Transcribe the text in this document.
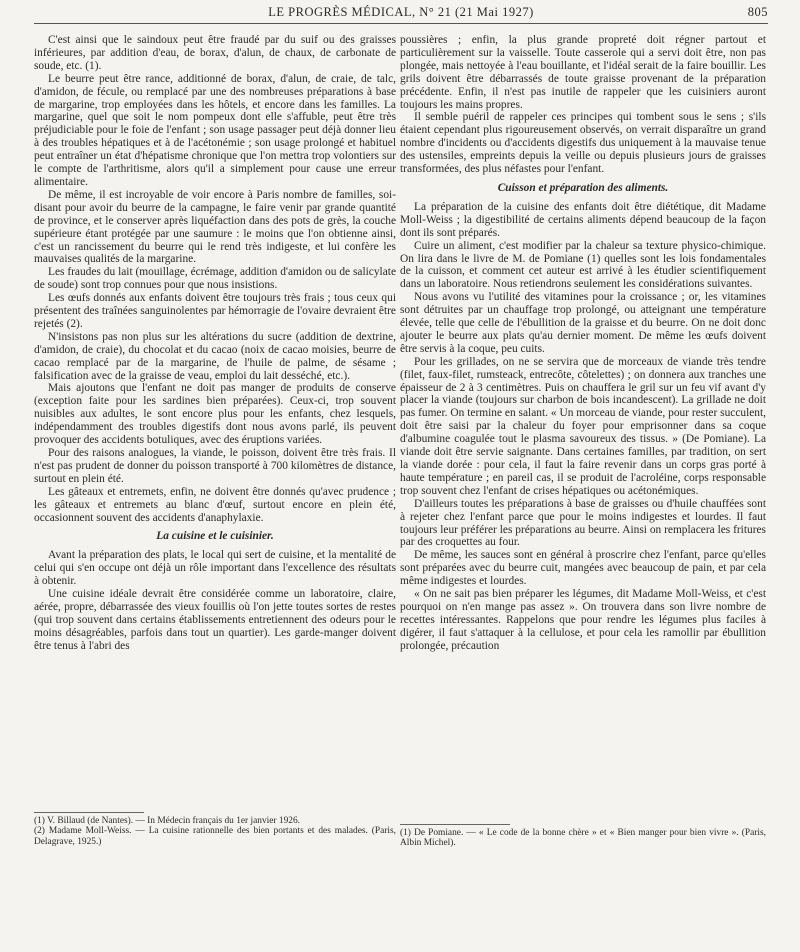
LE PROGRÈS MÉDICAL, N° 21 (21 Mai 1927)	805

C'est ainsi que le saindoux peut être fraudé par du suif ou des graisses inférieures, par addition d'eau, de borax, d'alun, de chaux, de carbonate de soude, etc. (1).

Le beurre peut être rance, additionné de borax, d'alun, de craie, de talc, d'amidon, de fécule, ou remplacé par une des nombreuses préparations à base de margarine, trop employées dans les hôtels, et encore dans les familles. La margarine, quel que soit le nom pompeux dont elle s'affuble, peut être très préjudiciable pour le foie de l'enfant ; son usage passager peut déjà donner lieu à des troubles hépatiques et à de l'acétonémie ; son usage prolongé et habituel peut entraîner un état d'hépatisme chronique que l'on mettra trop volontiers sur le compte de l'arthritisme, alors qu'il a simplement pour cause une erreur alimentaire.

De même, il est incroyable de voir encore à Paris nombre de familles, soi-disant pour avoir du beurre de la campagne, le faire venir par grande quantité de province, et le conserver après liquéfaction dans des pots de grès, la couche supérieure étant protégée par une saumure : le moins que l'on obtienne ainsi, c'est un rancissement du beurre qui le rend très indigeste, et lui confère les mauvaises qualités de la margarine.

Les fraudes du lait (mouillage, écrémage, addition d'amidon ou de salicylate de soude) sont trop connues pour que nous insistions.

Les œufs donnés aux enfants doivent être toujours très frais ; tous ceux qui présentent des traînées sanguinolentes par hémorragie de l'ovaire devraient être rejetés (2).

N'insistons pas non plus sur les altérations du sucre (addition de dextrine, d'amidon, de craie), du chocolat et du cacao (noix de cacao moisies, beurre de cacao remplacé par de la margarine, de l'huile de palme, de sésame ; falsification avec de la graisse de veau, emploi du lait desséché, etc.).

Mais ajoutons que l'enfant ne doit pas manger de produits de conserve (exception faite pour les sardines bien préparées). Ceux-ci, trop souvent nuisibles aux adultes, le sont encore plus pour les enfants, chez lesquels, indépendamment des troubles digestifs dont nous avons parlé, ils peuvent provoquer des accidents botuliques, avec des éruptions variées.

Pour des raisons analogues, la viande, le poisson, doivent être très frais. Il n'est pas prudent de donner du poisson transporté à 700 kilomètres de distance, surtout en plein été.

Les gâteaux et entremets, enfin, ne doivent être donnés qu'avec prudence ; les gâteaux et entremets au blanc d'œuf, surtout encore en plein été, occasionnent souvent des accidents d'anaphylaxie.

La cuisine et le cuisinier.

Avant la préparation des plats, le local qui sert de cuisine, et la mentalité de celui qui s'en occupe ont déjà un rôle important dans l'excellence des résultats à obtenir.

Une cuisine idéale devrait être considérée comme un laboratoire, claire, aérée, propre, débarrassée des vieux fouillis où l'on jette toutes sortes de restes (qui trop souvent dans certains établissements entretiennent des odeurs pour le moins désagréables, parfois dans tout un quartier). Les garde-manger doivent être tenus à l'abri des

(1) V. Billaud (de Nantes). — In Médecin français du 1er janvier 1926.

(2) Madame Moll-Weiss. — La cuisine rationnelle des bien portants et des malades. (Paris, Delagrave, 1925.)

poussières ; enfin, la plus grande propreté doit régner partout et particulièrement sur la vaisselle. Toute casserole qui a servi doit être, non pas plongée, mais nettoyée à l'eau bouillante, et l'idéal serait de la faire bouillir. Les grils doivent être débarrassés de toute graisse provenant de la préparation précédente. Enfin, il n'est pas inutile de rappeler que les cuisiniers auront toujours les mains propres.

Il semble puéril de rappeler ces principes qui tombent sous le sens ; s'ils étaient cependant plus rigoureusement observés, on verrait disparaître un grand nombre d'incidents ou d'accidents digestifs dus uniquement à la mauvaise tenue des ustensiles, empreints depuis la veille ou depuis plusieurs jours de graisses transformées, des plus néfastes pour l'enfant.

Cuisson et préparation des aliments.

La préparation de la cuisine des enfants doit être diététique, dit Madame Moll-Weiss ; la digestibilité de certains aliments dépend beaucoup de la façon dont ils sont préparés.

Cuire un aliment, c'est modifier par la chaleur sa texture physico-chimique. On lira dans le livre de M. de Pomiane (1) quelles sont les lois fondamentales de la cuisson, et comment cet auteur est arrivé à les étudier scientifiquement dans un laboratoire. Nous retiendrons seulement les considérations suivantes.

Nous avons vu l'utilité des vitamines pour la croissance ; or, les vitamines sont détruites par un chauffage trop prolongé, ou atteignant une température élevée, telle que celle de l'ébullition de la graisse et du beurre. On ne doit donc ajouter le beurre aux plats qu'au dernier moment. De même les œufs doivent être servis à la coque, peu cuits.

Pour les grillades, on ne se servira que de morceaux de viande très tendre (filet, faux-filet, rumsteack, entrecôte, côtelettes) ; on donnera aux tranches une épaisseur de 2 à 3 centimètres. Puis on chauffera le gril sur un feu vif avant d'y placer la viande (toujours sur charbon de bois incandescent). La grillade ne doit pas fumer. On termine en salant. « Un morceau de viande, pour rester succulent, doit être saisi par la chaleur du foyer pour emprisonner dans sa coque d'albumine coagulée tout le plasma savoureux des tissus. » (De Pomiane). La viande doit être servie saignante. Dans certaines familles, par tradition, on sert la viande dorée : pour cela, il faut la faire revenir dans un corps gras porté à haute température ; en pareil cas, il se produit de l'acroléine, corps responsable trop souvent chez l'enfant de crises hépatiques ou acétonémiques.

D'ailleurs toutes les préparations à base de graisses ou d'huile chauffées sont à rejeter chez l'enfant parce que pour le moins indigestes et lourdes. Il faut toujours leur préférer les préparations au beurre. Ainsi on remplacera les fritures par des croquettes au four.

De même, les sauces sont en général à proscrire chez l'enfant, parce qu'elles sont préparées avec du beurre cuit, mangées avec beaucoup de pain, et par cela même indigestes et lourdes.

« On ne sait pas bien préparer les légumes, dit Madame Moll-Weiss, et c'est pourquoi on n'en mange pas assez ». On trouvera dans son livre nombre de recettes intéressantes. Rappelons que pour rendre les légumes plus faciles à digérer, il faut s'attaquer à la cellulose, et pour cela les ramollir par ébullition prolongée, précaution

(1) De Pomiane. — « Le code de la bonne chère » et « Bien manger pour bien vivre ». (Paris, Albin Michel).
